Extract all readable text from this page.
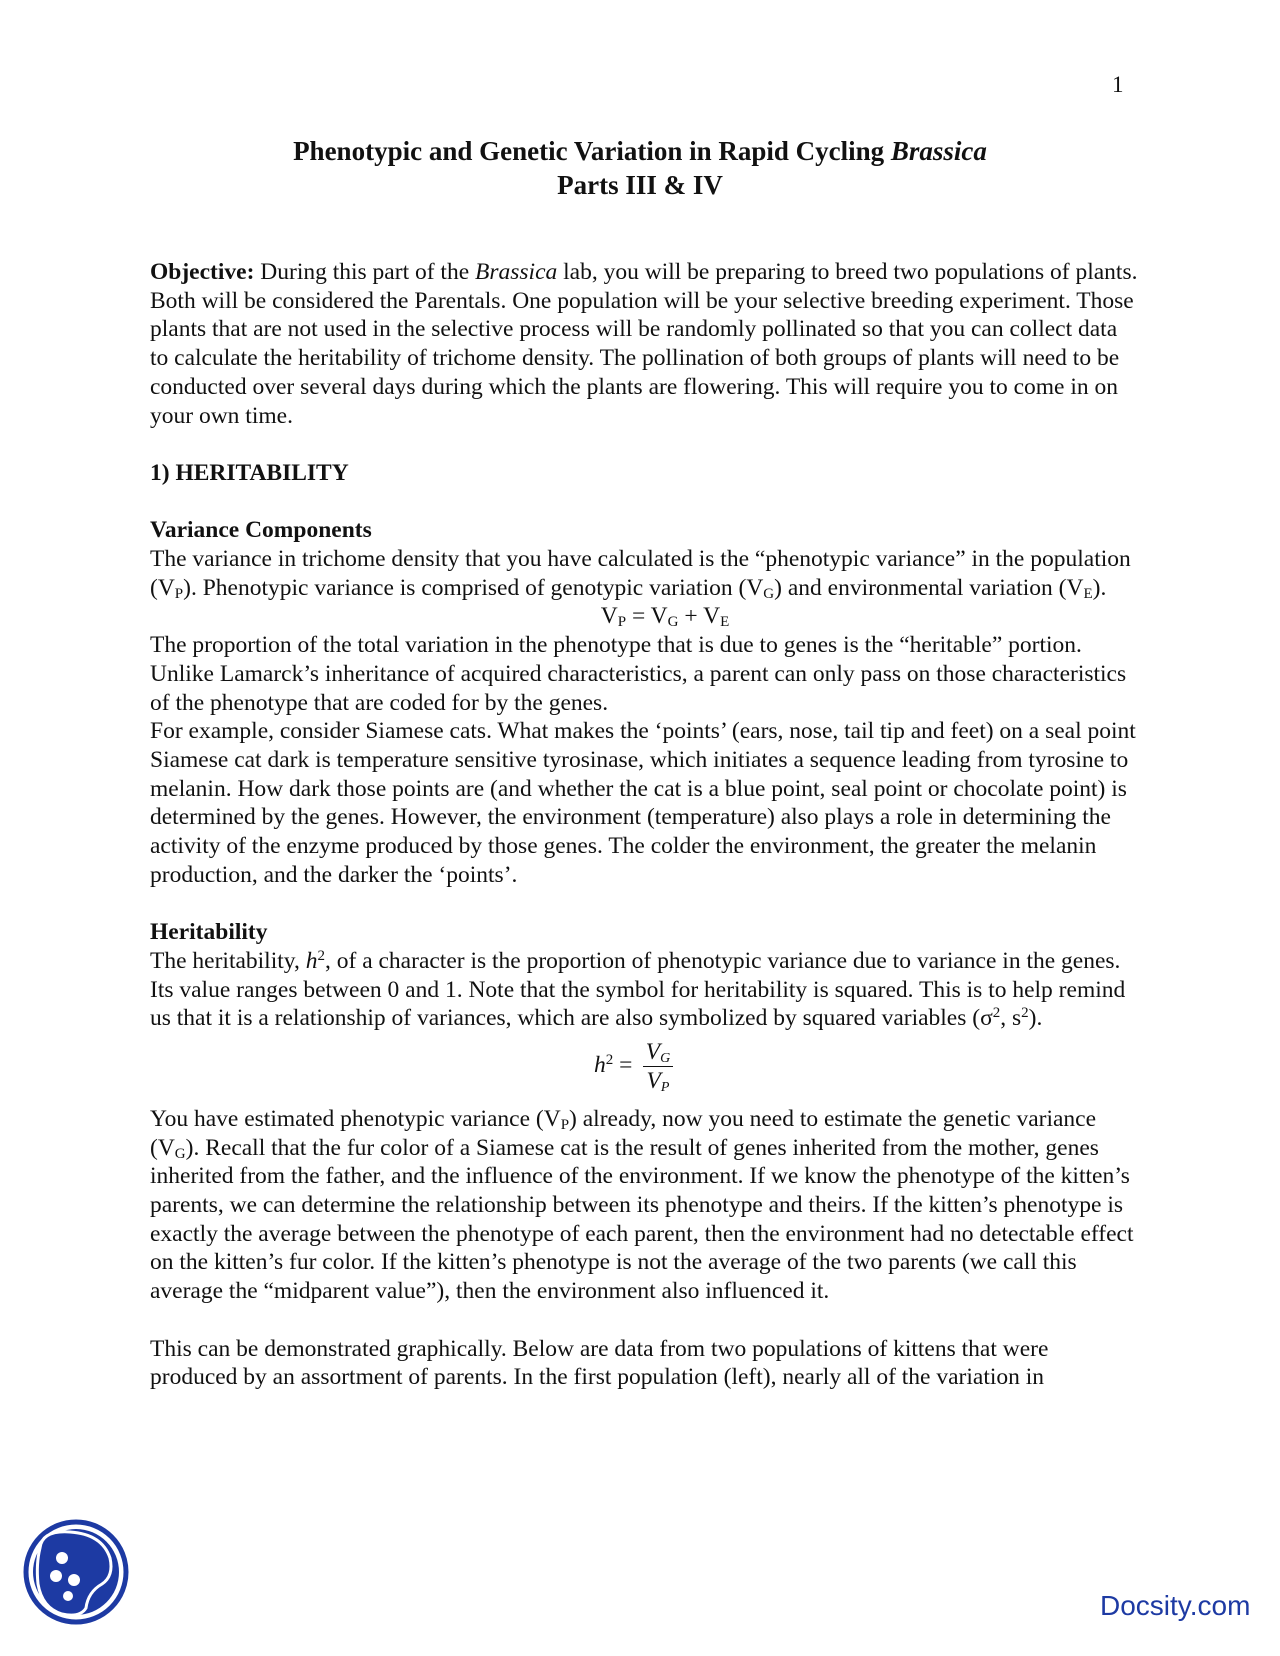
1
Phenotypic and Genetic Variation in Rapid Cycling Brassica
Parts III & IV

Objective: During this part of the Brassica lab, you will be preparing to breed two populations of plants. Both will be considered the Parentals. One population will be your selective breeding experiment. Those plants that are not used in the selective process will be randomly pollinated so that you can collect data to calculate the heritability of trichome density. The pollination of both groups of plants will need to be conducted over several days during which the plants are flowering. This will require you to come in on your own time.

1) HERITABILITY

Variance Components

The variance in trichome density that you have calculated is the “phenotypic variance” in the population $(V_P)$. Phenotypic variance is comprised of genotypic variation $(V_G)$ and environmental variation $(V_E)$.

$V_P = V_G + V_E$

The proportion of the total variation in the phenotype that is due to genes is the “heritable” portion. Unlike Lamarck’s inheritance of acquired characteristics, a parent can only pass on those characteristics of the phenotype that are coded for by the genes.

For example, consider Siamese cats. What makes the ‘points’ (ears, nose, tail tip and feet) on a seal point Siamese cat dark is temperature sensitive tyrosinase, which initiates a sequence leading from tyrosine to melanin. How dark those points are (and whether the cat is a blue point, seal point or chocolate point) is determined by the genes. However, the environment (temperature) also plays a role in determining the activity of the enzyme produced by those genes. The colder the environment, the greater the melanin production, and the darker the ‘points’.

Heritability

The heritability, $h^2$, of a character is the proportion of phenotypic variance due to variance in the genes. Its value ranges between 0 and 1. Note that the symbol for heritability is squared. This is to help remind us that it is a relationship of variances, which are also symbolized by squared variables ($\sigma^2$, $s^2$).

$h^2 = V_G$
$V_P$

You have estimated phenotypic variance $(V_P)$ already, now you need to estimate the genetic variance $(V_G)$. Recall that the fur color of a Siamese cat is the result of genes inherited from the mother, genes inherited from the father, and the influence of the environment. If we know the phenotype of the kitten’s parents, we can determine the relationship between its phenotype and theirs. If the kitten’s phenotype is exactly the average between the phenotype of each parent, then the environment had no detectable effect on the kitten’s fur color. If the kitten’s phenotype is not the average of the two parents (we call this average the “midparent value”), then the environment also influenced it.

This can be demonstrated graphically. Below are data from two populations of kittens that were produced by an assortment of parents. In the first population (left), nearly all of the variation in

Docsity.com
